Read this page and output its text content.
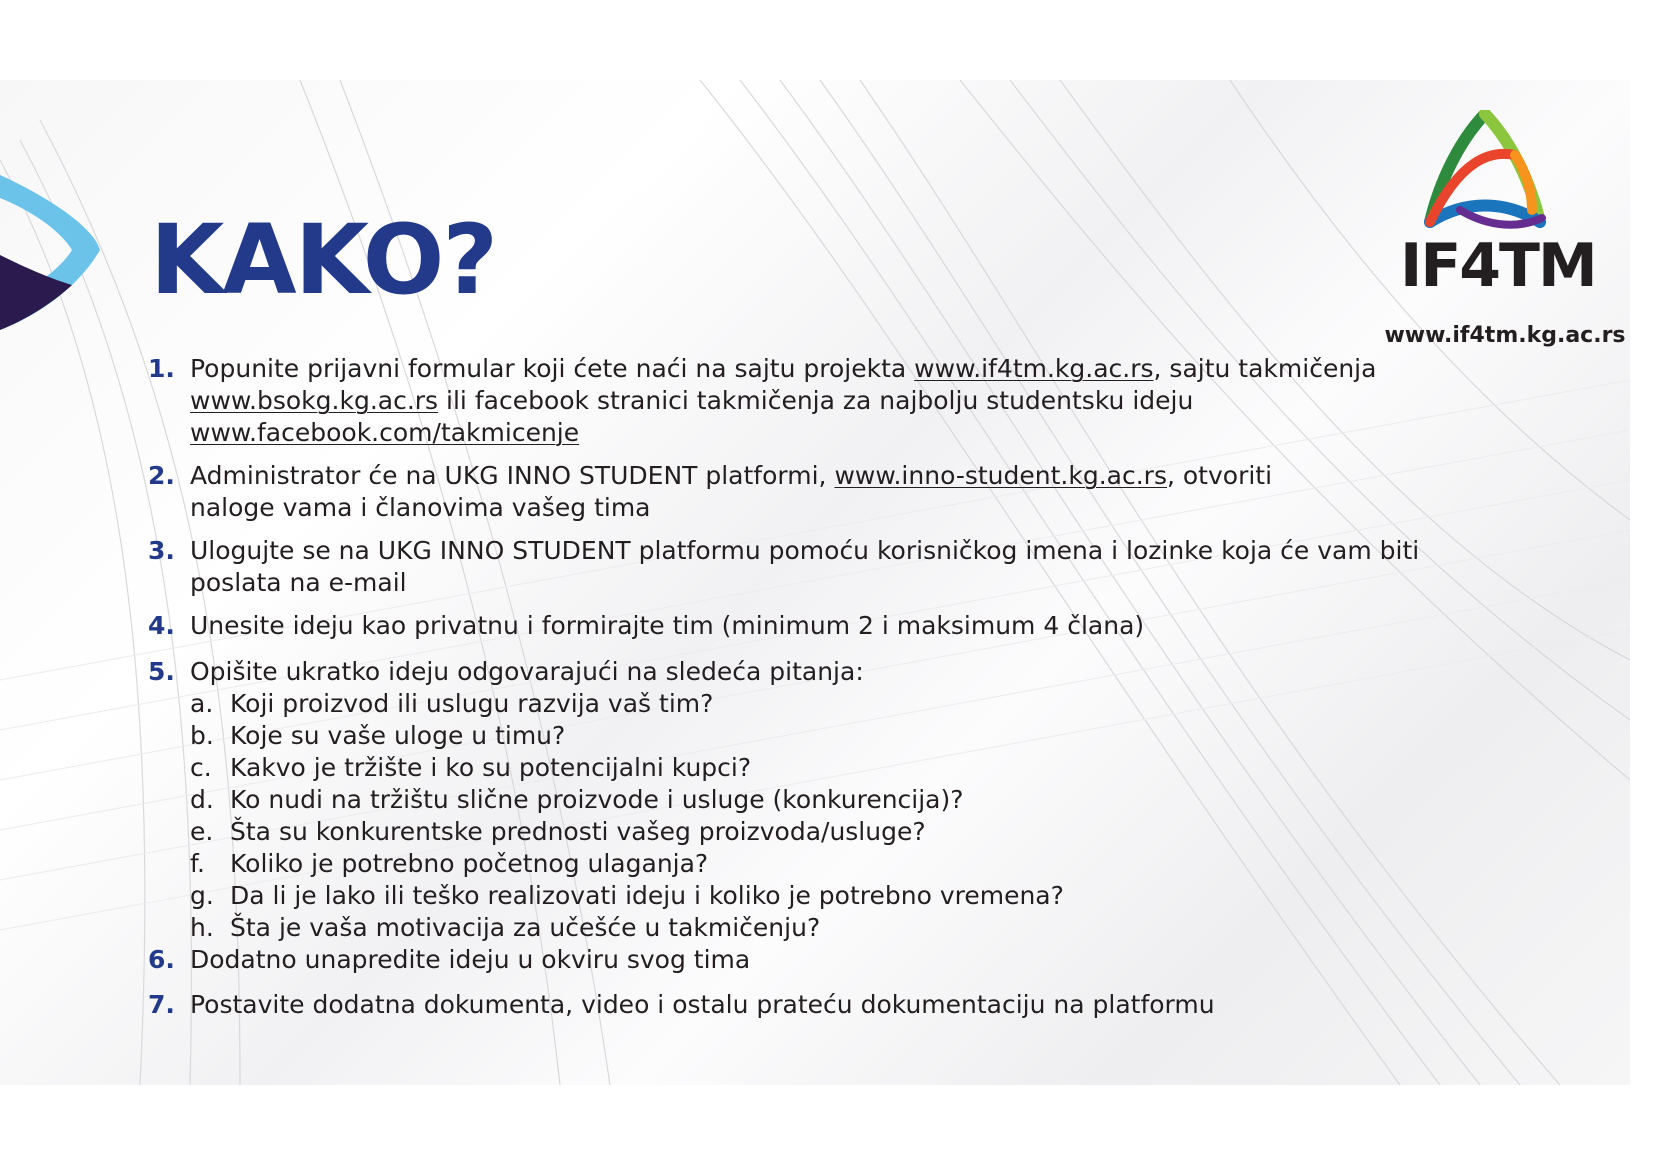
IF4TM
www.if4tm.kg.ac.rs
KAKO?
1. Popunite prijavni formular koji ćete naći na sajtu projekta www.if4tm.kg.ac.rs, sajtu takmičenja
www.bsokg.kg.ac.rs ili facebook stranici takmičenja za najbolju studentsku ideju
www.facebook.com/takmicenje
2. Administrator će na UKG INNO STUDENT platformi, www.inno-student.kg.ac.rs, otvoriti
naloge vama i članovima vašeg tima
3. Ulogujte se na UKG INNO STUDENT platformu pomoću korisničkog imena i lozinke koja će vam biti
poslata na e-mail
4. Unesite ideju kao privatnu i formirajte tim (minimum 2 i maksimum 4 člana)
5. Opišite ukratko ideju odgovarajući na sledeća pitanja:
a. Koji proizvod ili uslugu razvija vaš tim?
b. Koje su vaše uloge u timu?
c. Kakvo je tržište i ko su potencijalni kupci?
d. Ko nudi na tržištu slične proizvode i usluge (konkurencija)?
e. Šta su konkurentske prednosti vašeg proizvoda/usluge?
f. Koliko je potrebno početnog ulaganja?
g. Da li je lako ili teško realizovati ideju i koliko je potrebno vremena?
h. Šta je vaša motivacija za učešće u takmičenju?
6. Dodatno unapredite ideju u okviru svog tima
7. Postavite dodatna dokumenta, video i ostalu prateću dokumentaciju na platformu
